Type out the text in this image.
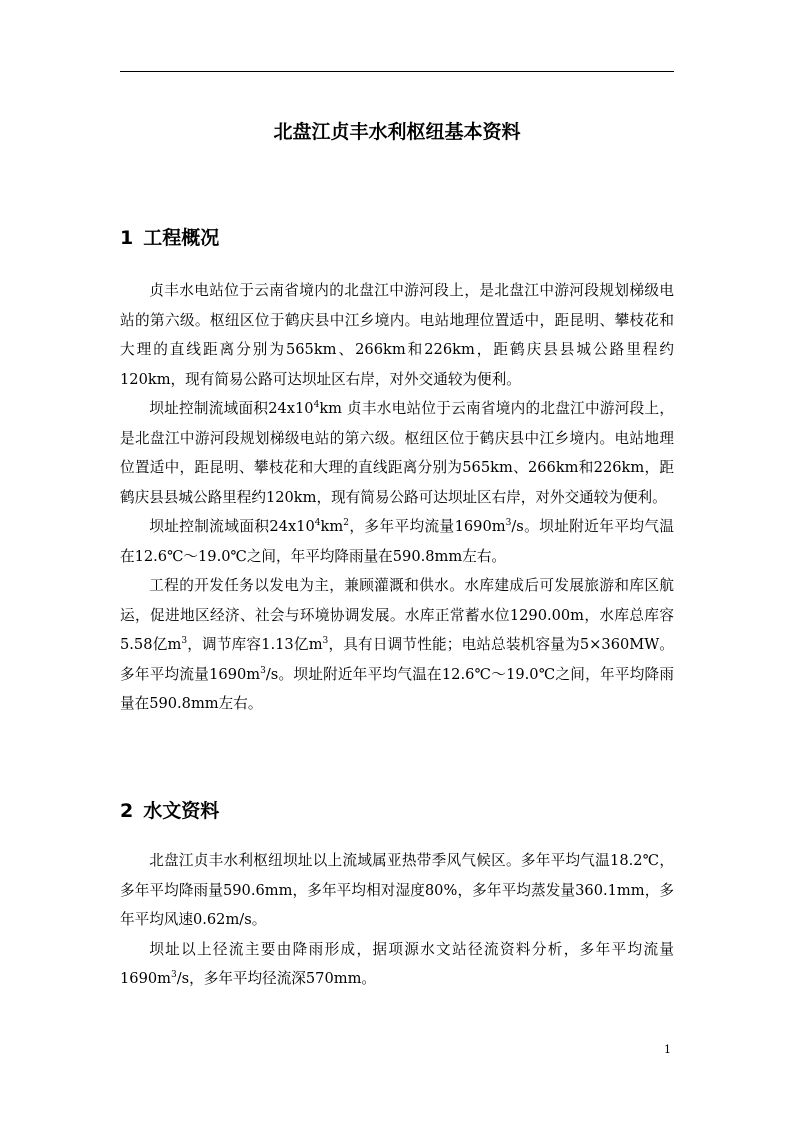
北盘江贞丰水利枢纽基本资料
1 工程概况

贞丰水电站位于云南省境内的北盘江中游河段上，是北盘江中游河段规划梯级电站的第六级。枢纽区位于鹤庆县中江乡境内。电站地理位置适中，距昆明、攀枝花和大理的直线距离分别为565km、266km和226km，距鹤庆县县城公路里程约120km，现有简易公路可达坝址区右岸，对外交通较为便利。

坝址控制流域面积$24x10^4km$ 贞丰水电站位于云南省境内的北盘江中游河段上，是北盘江中游河段规划梯级电站的第六级。枢纽区位于鹤庆县中江乡境内。电站地理位置适中，距昆明、攀枝花和大理的直线距离分别为565km、266km和226km，距鹤庆县县城公路里程约120km，现有简易公路可达坝址区右岸，对外交通较为便利。

坝址控制流域面积$24x10^4km^2$，多年平均流量$1690m^3/s$。坝址附近年平均气温在12.6℃～19.0℃之间，年平均降雨量在590.8mm左右。

工程的开发任务以发电为主，兼顾灌溉和供水。水库建成后可发展旅游和库区航运，促进地区经济、社会与环境协调发展。水库正常蓄水位1290.00m，水库总库容5.58亿$m^3$，调节库容1.13亿$m^3$，具有日调节性能；电站总装机容量为5×360MW。多年平均流量$1690m^3/s$。坝址附近年平均气温在12.6℃～19.0℃之间，年平均降雨量在590.8mm左右。

2 水文资料

北盘江贞丰水利枢纽坝址以上流域属亚热带季风气候区。多年平均气温18.2℃，多年平均降雨量590.6mm，多年平均相对湿度80%，多年平均蒸发量360.1mm，多年平均风速0.62m/s。

坝址以上径流主要由降雨形成，据项源水文站径流资料分析，多年平均流量$1690m^3/s$，多年平均径流深570mm。

1
